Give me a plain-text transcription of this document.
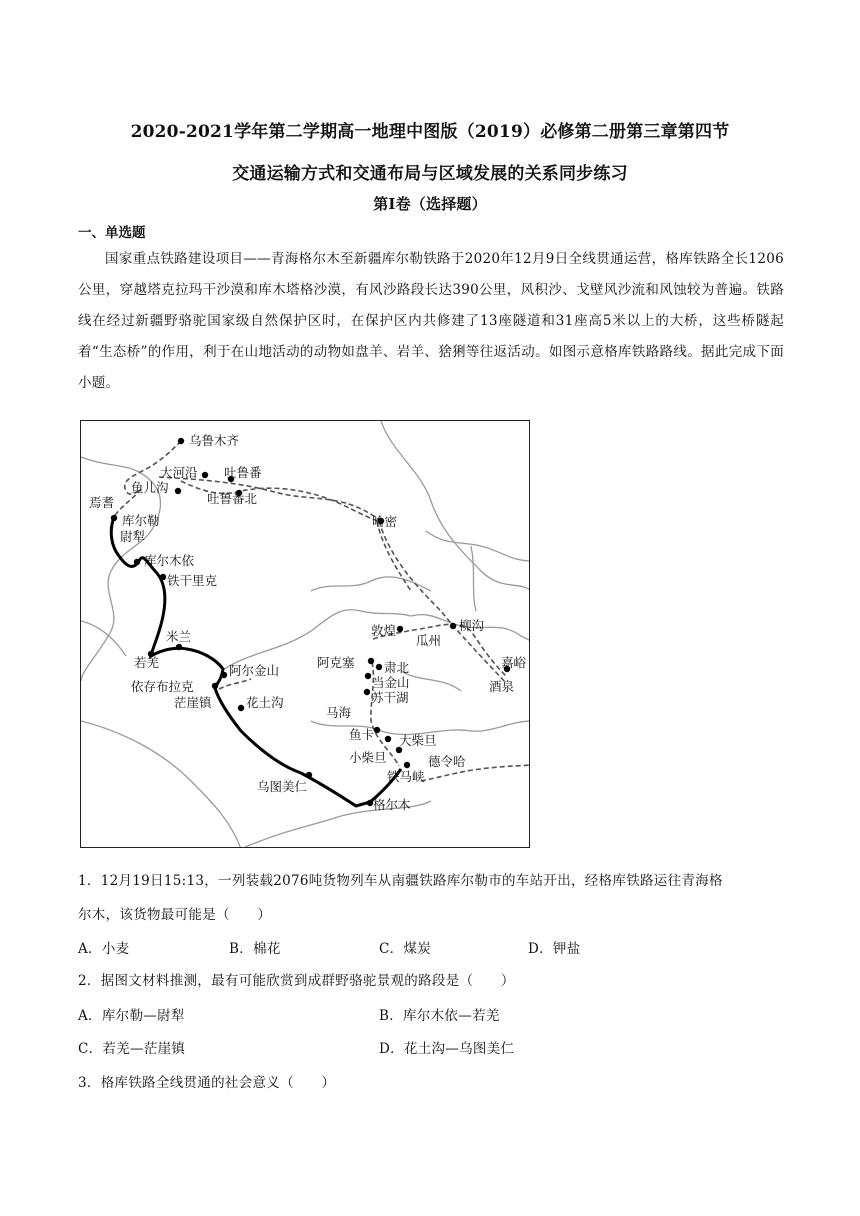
2020-2021学年第二学期高一地理中图版（2019）必修第二册第三章第四节
交通运输方式和交通布局与区域发展的关系同步练习
第Ⅰ卷（选择题）
一、单选题
国家重点铁路建设项目——青海格尔木至新疆库尔勒铁路于2020年12月9日全线贯通运营，格库铁路全长1206公里，穿越塔克拉玛干沙漠和库木塔格沙漠，有风沙路段长达390公里，风积沙、戈壁风沙流和风蚀较为普遍。铁路线在经过新疆野骆驼国家级自然保护区时，在保护区内共修建了13座隧道和31座高5米以上的大桥，这些桥隧起着“生态桥”的作用，利于在山地活动的动物如盘羊、岩羊、猞猁等往返活动。如图示意格库铁路路线。据此完成下面小题。
乌鲁木齐
大河沿 吐鲁番
鱼儿沟
吐鲁番北
焉耆
库尔勒
尉犁
哈密
库尔木依
铁干里克
米兰
若羌
阿尔金山
依存布拉克
茫崖镇	花土沟
敦煌	柳沟
瓜州
阿克塞 肃北
当金山
苏干湖
嘉峪
酒泉
马海
鱼卡 大柴旦
小柴旦	德令哈
铁马峡
乌图美仁
格尔木
1．12月19日15:13，一列装载2076吨货物列车从南疆铁路库尔勒市的车站开出，经格库铁路运往青海格
尔木，该货物最可能是（　　）
A．小麦	B．棉花	C．煤炭	D．钾盐
2．据图文材料推测，最有可能欣赏到成群野骆驼景观的路段是（　　）
A．库尔勒—尉犁	B．库尔木依—若羌
C．若羌—茫崖镇	D．花土沟—乌图美仁
3．格库铁路全线贯通的社会意义（　　）
